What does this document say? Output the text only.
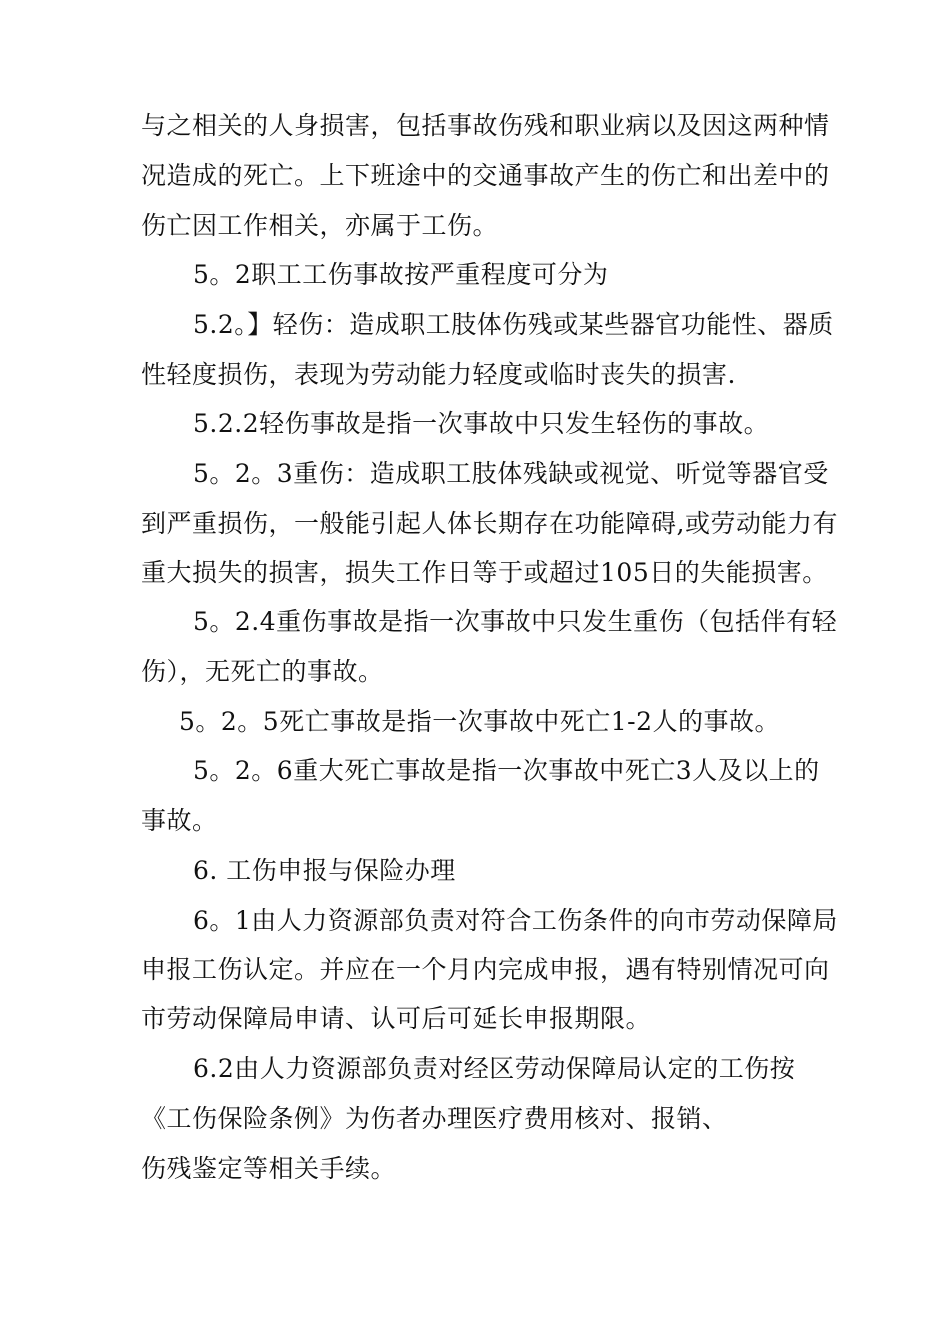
与之相关的人身损害，包括事故伤残和职业病以及因这两种情
况造成的死亡。上下班途中的交通事故产生的伤亡和出差中的
伤亡因工作相关，亦属于工伤。
5。2职工工伤事故按严重程度可分为
5.2。】轻伤：造成职工肢体伤残或某些器官功能性、器质
性轻度损伤，表现为劳动能力轻度或临时丧失的损害.
5.2.2轻伤事故是指一次事故中只发生轻伤的事故。
5。2。3重伤：造成职工肢体残缺或视觉、听觉等器官受
到严重损伤，一般能引起人体长期存在功能障碍,或劳动能力有
重大损失的损害，损失工作日等于或超过105日的失能损害。
5。2.4重伤事故是指一次事故中只发生重伤（包括伴有轻
伤），无死亡的事故。
5。2。5死亡事故是指一次事故中死亡1-2人的事故。
5。2。6重大死亡事故是指一次事故中死亡3人及以上的
事故。
6. 工伤申报与保险办理
6。1由人力资源部负责对符合工伤条件的向市劳动保障局
申报工伤认定。并应在一个月内完成申报，遇有特别情况可向
市劳动保障局申请、认可后可延长申报期限。
6.2由人力资源部负责对经区劳动保障局认定的工伤按
《工伤保险条例》为伤者办理医疗费用核对、报销、
伤残鉴定等相关手续。
